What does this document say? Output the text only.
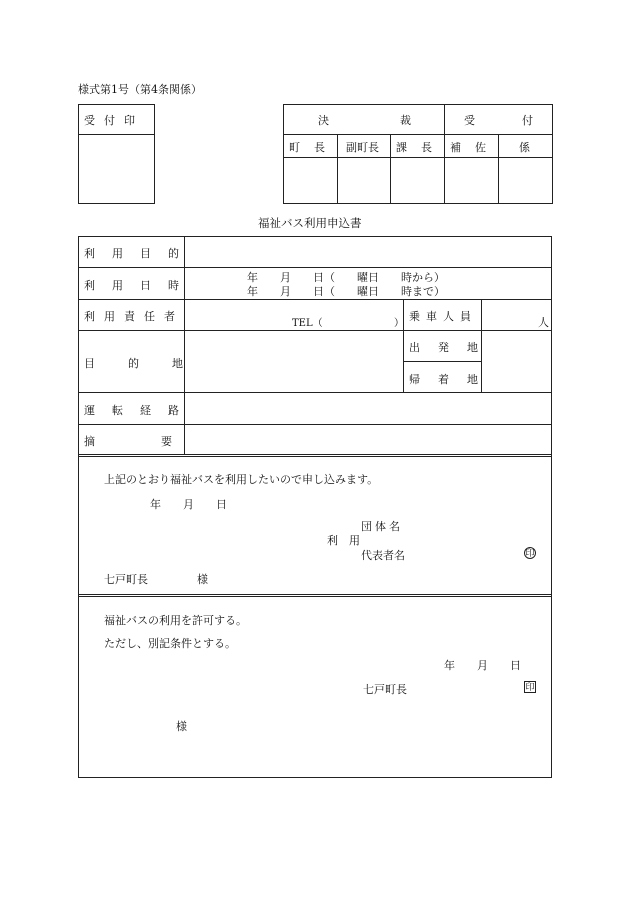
様式第1号（第4条関係）
受付印	決	裁	受	付
町長 副町長 課長 補佐 係
福祉バス利用申込書
利用目的
利用日時
年　　月　　日（　　曜日　　時から）
年　　月　　日（　　曜日　　時まで）
利用責任者
TEL（	）
乗車人員	人
目的地
出発地
帰着地
運転経路
摘要
上記のとおり福祉バスを利用したいので申し込みます。
年　　月　　日
団体名
利　用
代表者名	印
七戸町長	様
福祉バスの利用を許可する。
ただし、別記条件とする。
年　　月　　日
七戸町長	印
様
